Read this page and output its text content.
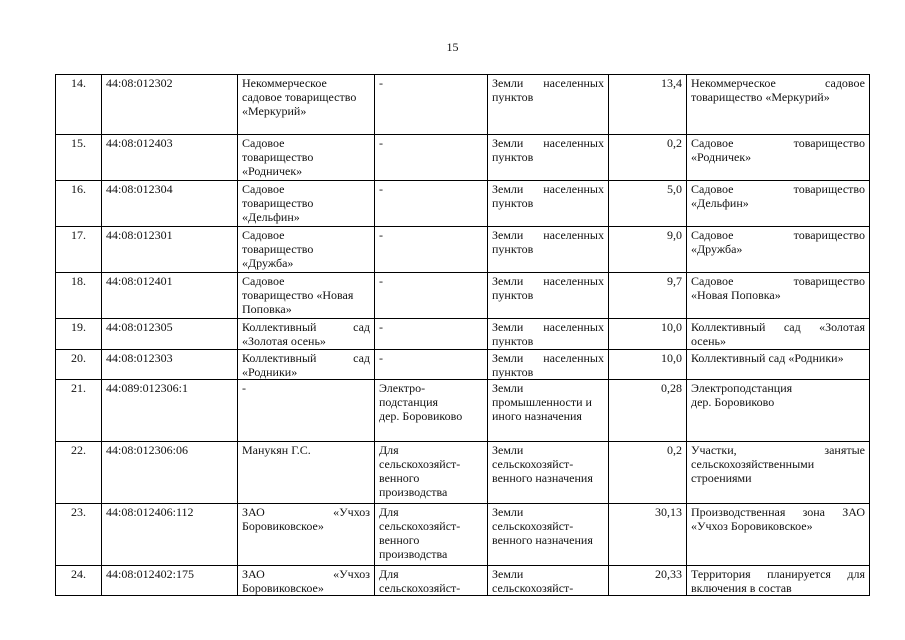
15
14.	44:08:012302	Некоммерческое
садовое товарищество
«Меркурий»	-	Земли населенных
пунктов	13,4	Некоммерческое садовое
товарищество «Меркурий»

15.	44:08:012403	Садовое
товарищество
«Родничек»	-	Земли населенных
пунктов	0,2	Садовое товарищество
«Родничек»

16.	44:08:012304	Садовое
товарищество
«Дельфин»	-	Земли населенных
пунктов	5,0	Садовое товарищество
«Дельфин»

17.	44:08:012301	Садовое
товарищество
«Дружба»	-	Земли населенных
пунктов	9,0	Садовое товарищество
«Дружба»

18.	44:08:012401	Садовое
товарищество «Новая
Поповка»	-	Земли населенных
пунктов	9,7	Садовое товарищество
«Новая Поповка»

19.	44:08:012305	Коллективный сад
«Золотая осень»	-	Земли населенных
пунктов	10,0	Коллективный сад «Золотая
осень»

20.	44:08:012303	Коллективный сад
«Родники»	-	Земли населенных
пунктов	10,0	Коллективный сад «Родники»

21.	44:089:012306:1	-	Электро-
подстанция
дер. Боровиково	Земли
промышленности и
иного назначения	0,28	Электроподстанция
дер. Боровиково

22.	44:08:012306:06	Манукян Г.С.	Для
сельскохозяйст-
венного
производства	Земли
сельскохозяйст-
венного назначения	0,2	Участки, занятые
сельскохозяйственными
строениями

23.	44:08:012406:112	ЗАО «Учхоз
Боровиковское»	Для
сельскохозяйст-
венного
производства	Земли
сельскохозяйст-
венного назначения	30,13	Производственная зона ЗАО
«Учхоз Боровиковское»

24.	44:08:012402:175	ЗАО «Учхоз
Боровиковское»	Для
сельскохозяйст-	Земли
сельскохозяйст-	20,33	Территория планируется для
включения в состав
